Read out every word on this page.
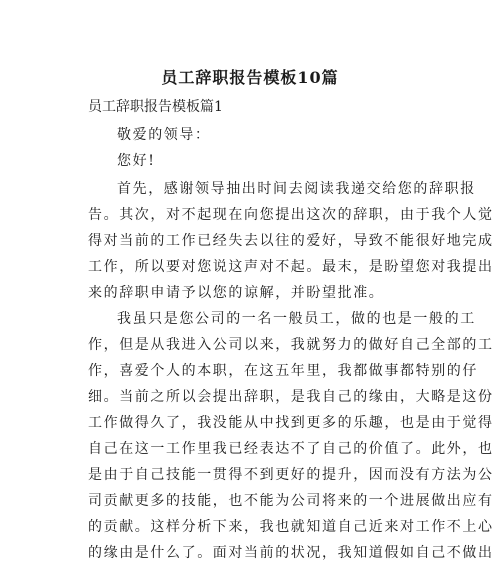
员工辞职报告模板10篇

员工辞职报告模板篇1

敬爱的领导：

您好!

首先，感谢领导抽出时间去阅读我递交给您的辞职报

告。其次，对不起现在向您提出这次的辞职，由于我个人觉

得对当前的工作已经失去以往的爱好，导致不能很好地完成

工作，所以要对您说这声对不起。最末，是盼望您对我提出

来的辞职申请予以您的谅解，并盼望批准。

我虽只是您公司的一名一般员工，做的也是一般的工

作，但是从我进入公司以来，我就努力的做好自己全部的工

作，喜爱个人的本职，在这五年里，我都做事都特别的仔

细。当前之所以会提出辞职，是我自己的缘由，大略是这份

工作做得久了，我没能从中找到更多的乐趣，也是由于觉得

自己在这一工作里我已经表达不了自己的价值了。此外，也

是由于自己技能一贯得不到更好的提升，因而没有方法为公

司贡献更多的技能，也不能为公司将来的一个进展做出应有

的贡献。这样分析下来，我也就知道自己近来对工作不上心

的缘由是什么了。面对当前的状况，我知道假如自己不做出
